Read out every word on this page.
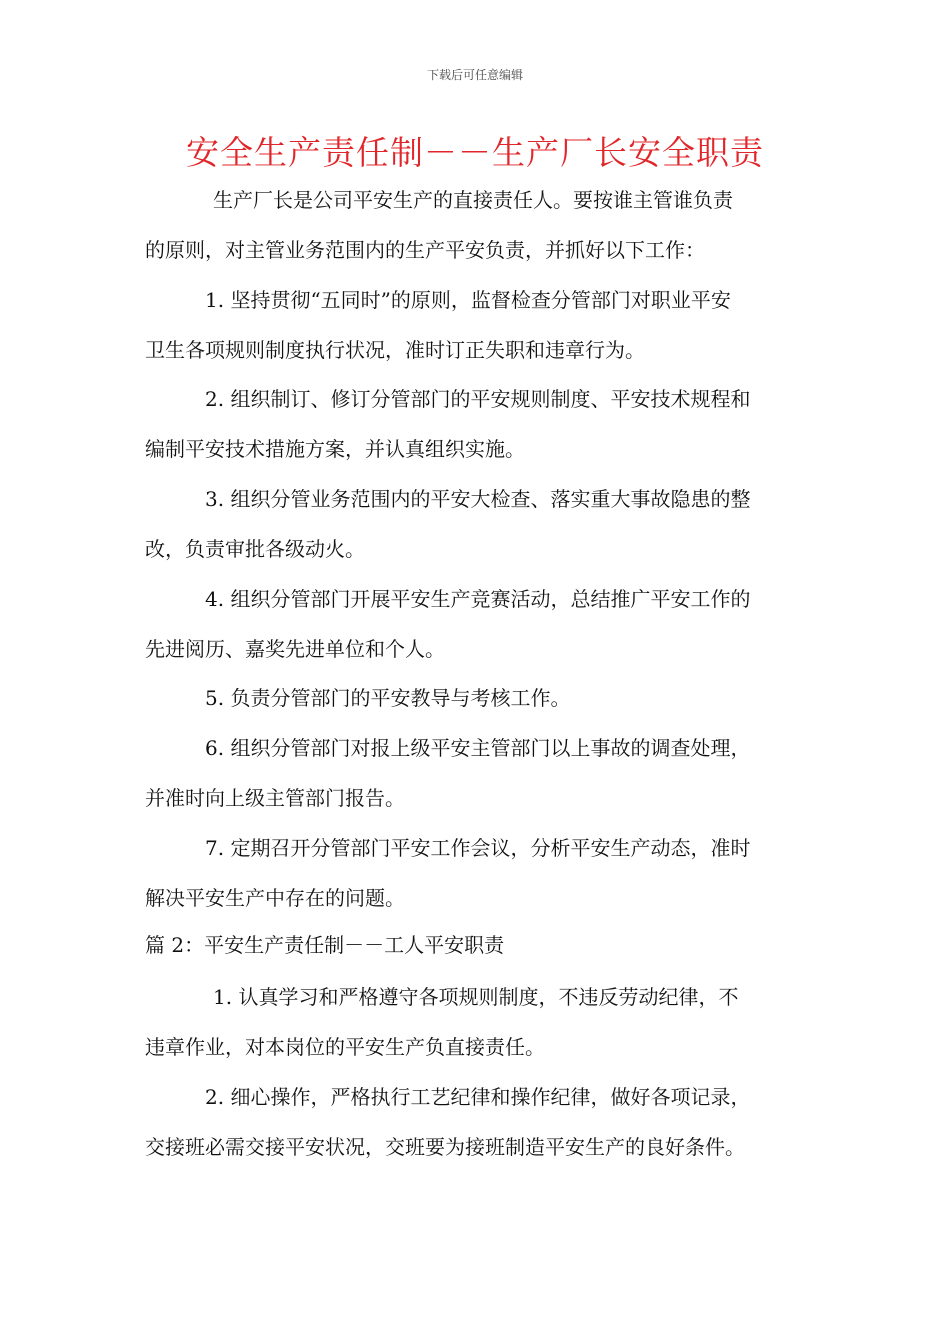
下载后可任意编辑
安全生产责任制－－生产厂长安全职责

生产厂长是公司平安生产的直接责任人。要按谁主管谁负责
的原则，对主管业务范围内的生产平安负责，并抓好以下工作：

1. 坚持贯彻“五同时”的原则，监督检查分管部门对职业平安
卫生各项规则制度执行状况，准时订正失职和违章行为。

2. 组织制订、修订分管部门的平安规则制度、平安技术规程和
编制平安技术措施方案，并认真组织实施。

3. 组织分管业务范围内的平安大检查、落实重大事故隐患的整
改，负责审批各级动火。

4. 组织分管部门开展平安生产竞赛活动，总结推广平安工作的
先进阅历、嘉奖先进单位和个人。

5. 负责分管部门的平安教导与考核工作。

6. 组织分管部门对报上级平安主管部门以上事故的调查处理，
并准时向上级主管部门报告。

7. 定期召开分管部门平安工作会议，分析平安生产动态，准时
解决平安生产中存在的问题。

篇 2：平安生产责任制－－工人平安职责

1. 认真学习和严格遵守各项规则制度，不违反劳动纪律，不
违章作业，对本岗位的平安生产负直接责任。

2. 细心操作，严格执行工艺纪律和操作纪律，做好各项记录，
交接班必需交接平安状况，交班要为接班制造平安生产的良好条件。
